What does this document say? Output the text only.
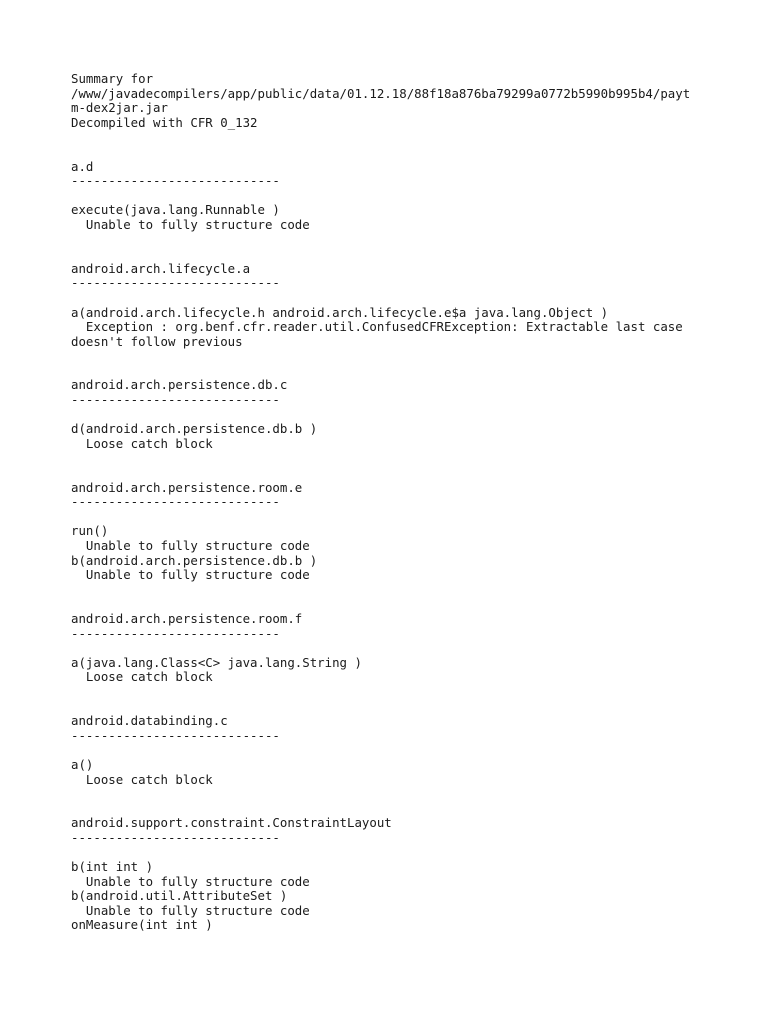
Summary for
/www/javadecompilers/app/public/data/01.12.18/88f18a876ba79299a0772b5990b995b4/payt
m-dex2jar.jar
Decompiled with CFR 0_132
a.d
----------------------------
execute(java.lang.Runnable )
Unable to fully structure code
android.arch.lifecycle.a
----------------------------
a(android.arch.lifecycle.h android.arch.lifecycle.e$a java.lang.Object )
Exception : org.benf.cfr.reader.util.ConfusedCFRException: Extractable last case
doesn't follow previous
android.arch.persistence.db.c
----------------------------
d(android.arch.persistence.db.b )
Loose catch block
android.arch.persistence.room.e
----------------------------
run()
Unable to fully structure code
b(android.arch.persistence.db.b )
Unable to fully structure code
android.arch.persistence.room.f
----------------------------
a(java.lang.Class<C> java.lang.String )
Loose catch block
android.databinding.c
----------------------------
a()
Loose catch block
android.support.constraint.ConstraintLayout
----------------------------
b(int int )
Unable to fully structure code
b(android.util.AttributeSet )
Unable to fully structure code
onMeasure(int int )
